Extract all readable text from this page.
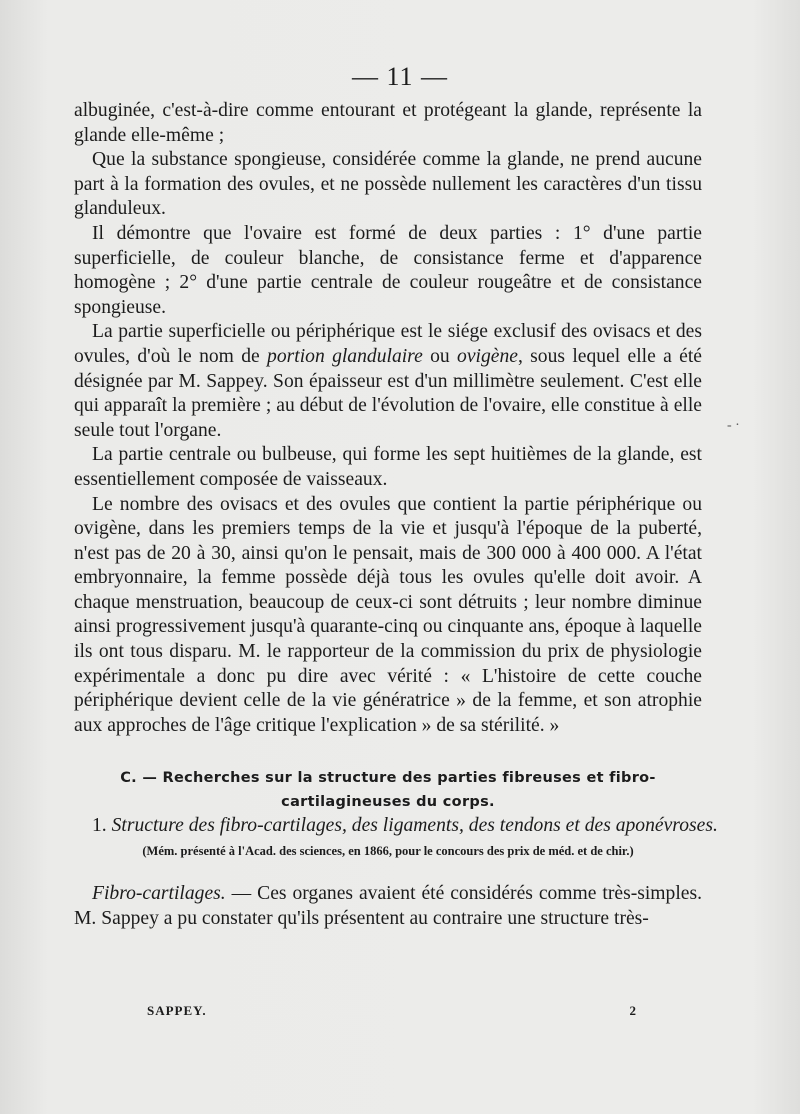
— 11 —

albuginée, c'est-à-dire comme entourant et protégeant la glande, représente la glande elle-même ;

Que la substance spongieuse, considérée comme la glande, ne prend aucune part à la formation des ovules, et ne possède nullement les caractères d'un tissu glanduleux.

Il démontre que l'ovaire est formé de deux parties : 1° d'une partie superficielle, de couleur blanche, de consistance ferme et d'apparence homogène ; 2° d'une partie centrale de couleur rougeâtre et de consistance spongieuse.

La partie superficielle ou périphérique est le siége exclusif des ovisacs et des ovules, d'où le nom de portion glandulaire ou ovigène, sous lequel elle a été désignée par M. Sappey. Son épaisseur est d'un millimètre seulement. C'est elle qui apparaît la première ; au début de l'évolution de l'ovaire, elle constitue à elle seule tout l'organe.

La partie centrale ou bulbeuse, qui forme les sept huitièmes de la glande, est essentiellement composée de vaisseaux.

Le nombre des ovisacs et des ovules que contient la partie périphérique ou ovigène, dans les premiers temps de la vie et jusqu'à l'époque de la puberté, n'est pas de 20 à 30, ainsi qu'on le pensait, mais de 300 000 à 400 000. A l'état embryonnaire, la femme possède déjà tous les ovules qu'elle doit avoir. A chaque menstruation, beaucoup de ceux-ci sont détruits ; leur nombre diminue ainsi progressivement jusqu'à quarante-cinq ou cinquante ans, époque à laquelle ils ont tous disparu. M. le rapporteur de la commission du prix de physiologie expérimentale a donc pu dire avec vérité : « L'histoire de cette couche périphérique devient celle de la vie génératrice » de la femme, et son atrophie aux approches de l'âge critique l'explication » de sa stérilité. »

C. — Recherches sur la structure des parties fibreuses et fibro-cartilagineuses du corps.

1. Structure des fibro-cartilages, des ligaments, des tendons et des aponévroses.

(Mém. présenté à l'Acad. des sciences, en 1866, pour le concours des prix de méd. et de chir.)

Fibro-cartilages. — Ces organes avaient été considérés comme très-simples. M. Sappey a pu constater qu'ils présentent au contraire une structure très-

SAPPEY.	2
- ·
